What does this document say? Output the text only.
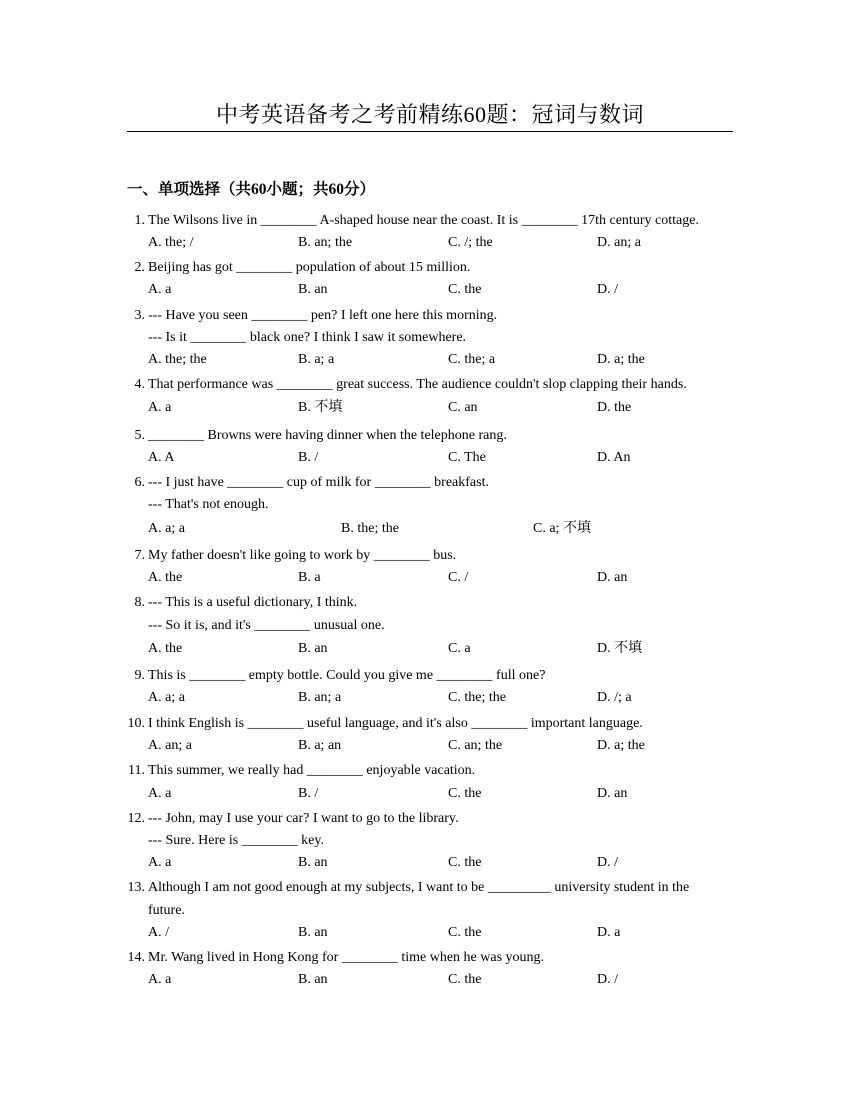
中考英语备考之考前精练60题：冠词与数词
一、单项选择（共60小题；共60分）
1. The Wilsons live in ________ A-shaped house near the coast. It is ________ 17th century cottage.
A. the; /	B. an; the	C. /; the	D. an; a
2. Beijing has got ________ population of about 15 million.
A. a	B. an	C. the	D. /
3. --- Have you seen ________ pen? I left one here this morning.
--- Is it ________ black one? I think I saw it somewhere.
A. the; the	B. a; a	C. the; a	D. a; the
4. That performance was ________ great success. The audience couldn't slop clapping their hands.
A. a	B. 不填	C. an	D. the
5. ________ Browns were having dinner when the telephone rang.
A. A	B. /	C. The	D. An
6. --- I just have ________ cup of milk for ________ breakfast.
--- That's not enough.
A. a; a	B. the; the	C. a; 不填
7. My father doesn't like going to work by ________ bus.
A. the	B. a	C. /	D. an
8. --- This is a useful dictionary, I think.
--- So it is, and it's ________ unusual one.
A. the	B. an	C. a	D. 不填
9. This is ________ empty bottle. Could you give me ________ full one?
A. a; a	B. an; a	C. the; the	D. /; a
10. I think English is ________ useful language, and it's also ________ important language.
A. an; a	B. a; an	C. an; the	D. a; the
11. This summer, we really had ________ enjoyable vacation.
A. a	B. /	C. the	D. an
12. --- John, may I use your car? I want to go to the library.
--- Sure. Here is ________ key.
A. a	B. an	C. the	D. /
13. Although I am not good enough at my subjects, I want to be _________ university student in the
future.
A. /	B. an	C. the	D. a
14. Mr. Wang lived in Hong Kong for ________ time when he was young.
A. a	B. an	C. the	D. /
